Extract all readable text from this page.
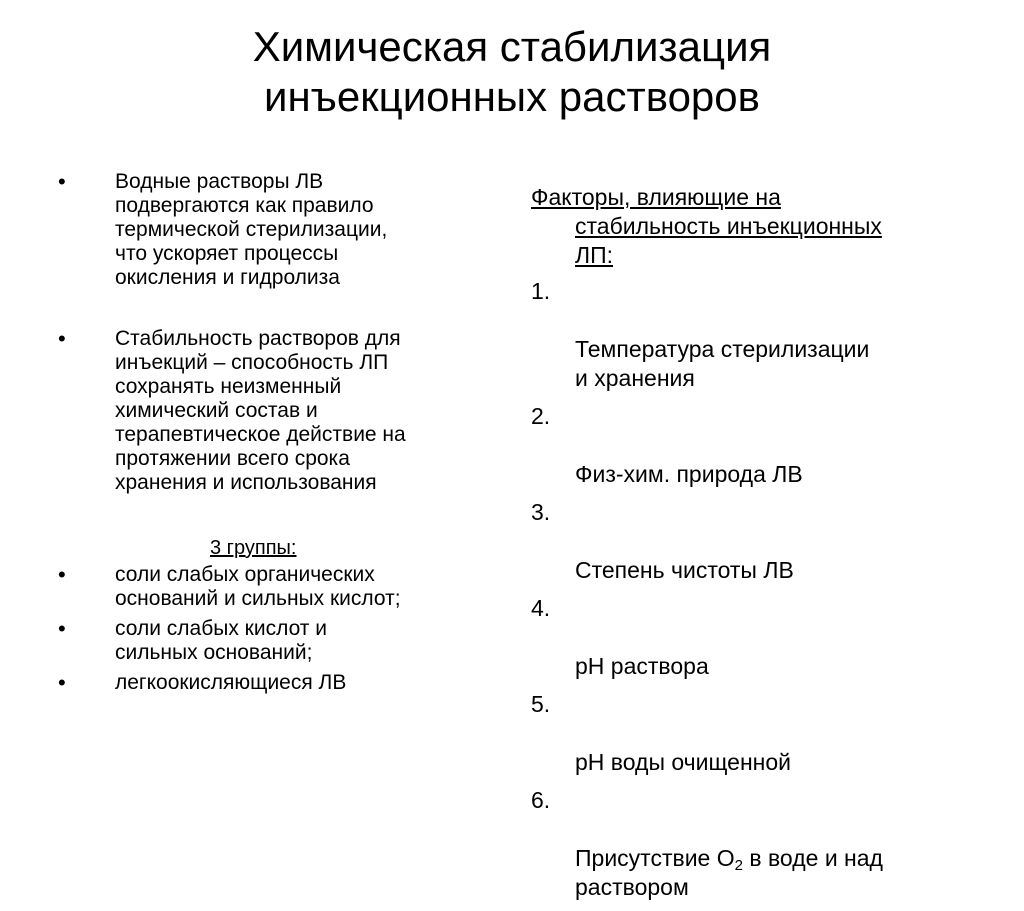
Химическая стабилизация
инъекционных растворов
• Водные растворы ЛВ
подвергаются как правило
термической стерилизации,
что ускоряет процессы
окисления и гидролиза
• Стабильность растворов для
инъекций – способность ЛП
сохранять неизменный
химический состав и
терапевтическое действие на
протяжении всего срока
хранения и использования
3 группы:
• соли слабых органических
оснований и сильных кислот;
• соли слабых кислот и
сильных оснований;
• легкоокисляющиеся ЛВ
Факторы, влияющие на
стабильность инъекционных
ЛП:

1.

Температура стерилизации
и хранения

2.

Физ-хим. природа ЛВ

3.

Степень чистоты ЛВ

4.

рН раствора

5.

рН воды очищенной

6.

Присутствие $О_2$ в воде и над
раствором
